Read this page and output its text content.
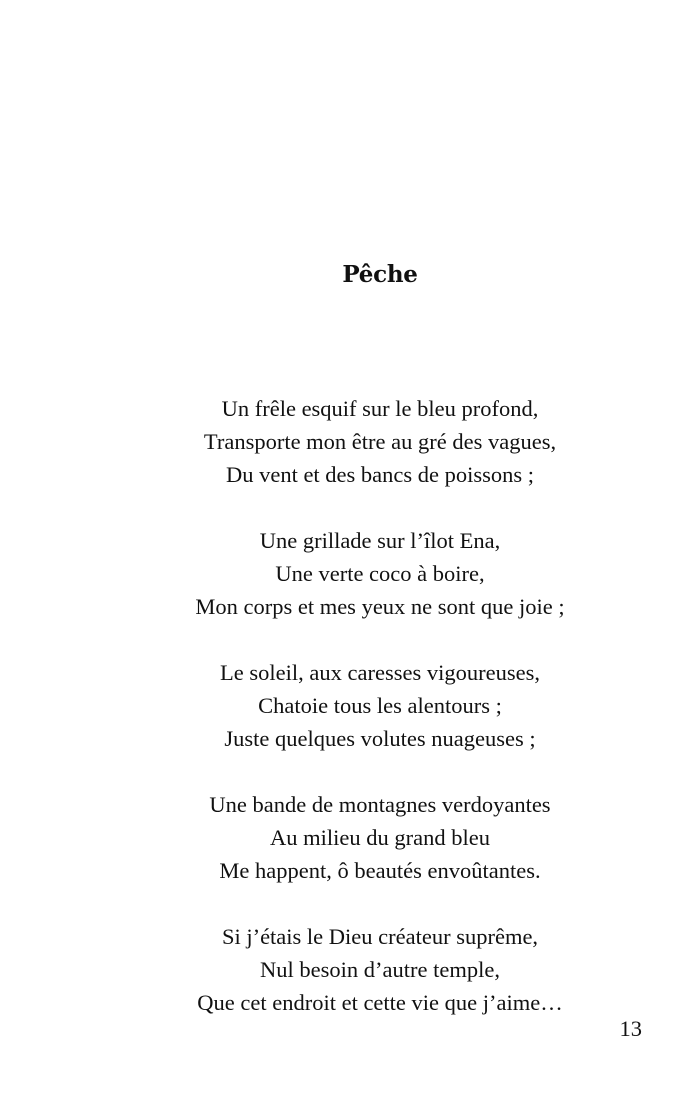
Pêche
Un frêle esquif sur le bleu profond,
Transporte mon être au gré des vagues,
Du vent et des bancs de poissons ;
Une grillade sur l’îlot Ena,
Une verte coco à boire,
Mon corps et mes yeux ne sont que joie ;
Le soleil, aux caresses vigoureuses,
Chatoie tous les alentours ;
Juste quelques volutes nuageuses ;
Une bande de montagnes verdoyantes
Au milieu du grand bleu
Me happent, ô beautés envoûtantes.
Si j’étais le Dieu créateur suprême,
Nul besoin d’autre temple,
Que cet endroit et cette vie que j’aime…
13
